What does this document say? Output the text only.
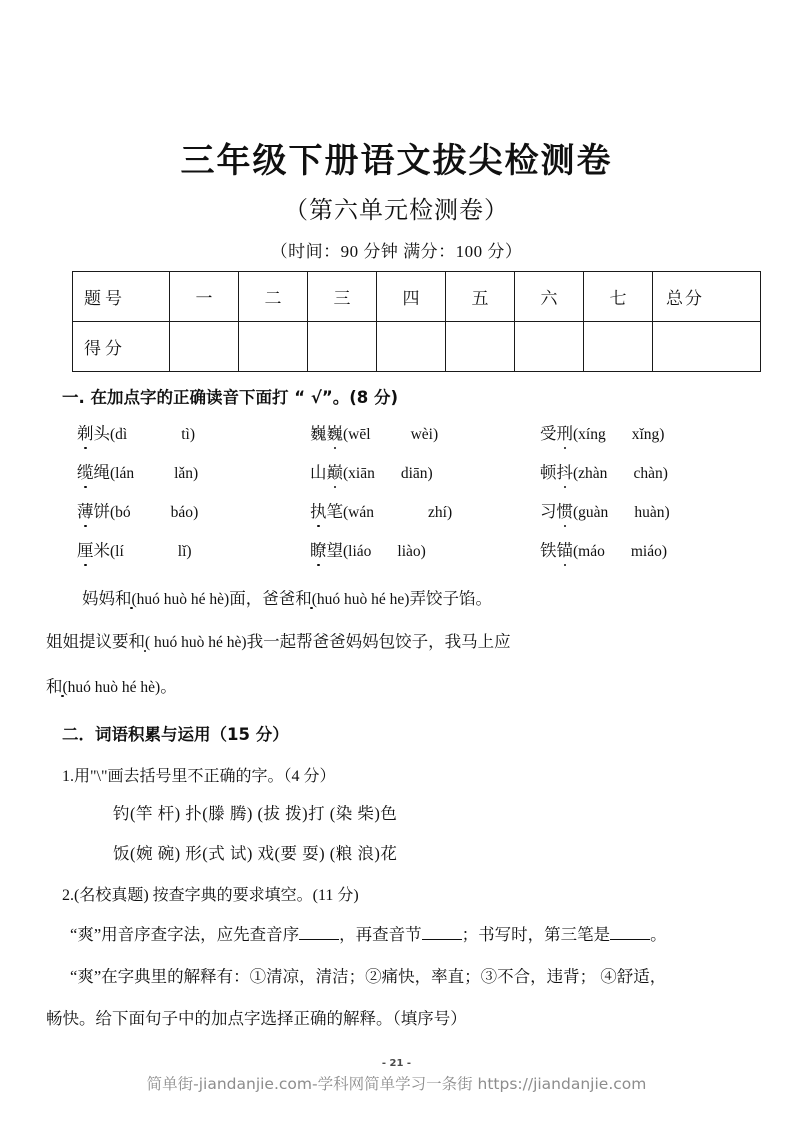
三年级下册语文拔尖检测卷
（第六单元检测卷）
（时间：90 分钟 满分：100 分）
题号	一	二	三	四	五	六	七	总分
得分								
一. 在加点字的正确读音下面打 “ √”。(8 分)
剃头(dì	tì)	巍巍(wēl	wèi)	受刑(xíng xǐng)
缆绳(lán	lǎn)	山巅(xiān diān)	顿抖(zhàn chàn)
薄饼(bó	báo)	执笔(wán	zhí)	习惯(guàn huàn)
厘米(lí	lǐ)	瞭望(liáo liào)	铁锚(máo miáo)
妈妈和(huó huò hé hè)面，爸爸和(huó huò hé he)弄饺子馅。
姐姐提议要和( huó huò hé hè)我一起帮爸爸妈妈包饺子，我马上应
和(huó huò hé hè)。
二．词语积累与运用（15 分）
1.用"\"画去括号里不正确的字。（4 分）
钓(竿 杆) 扑(滕 腾) (拔 拨)打 (染 柴)色
饭(婉 碗) 形(式 试) 戏(要 耍) (粮 浪)花
2.(名校真题) 按查字典的要求填空。(11 分)
“爽”用音序查字法，应先查音序 ，再查音节 ；书写时，第三笔是 。
“爽”在字典里的解释有：①清凉，清洁；②痛快，率直；③不合，违背； ④舒适，
畅快。给下面句子中的加点字选择正确的解释。（填序号）
- 21 -
简单街-jiandanjie.com-学科网简单学习一条街 https://jiandanjie.com
